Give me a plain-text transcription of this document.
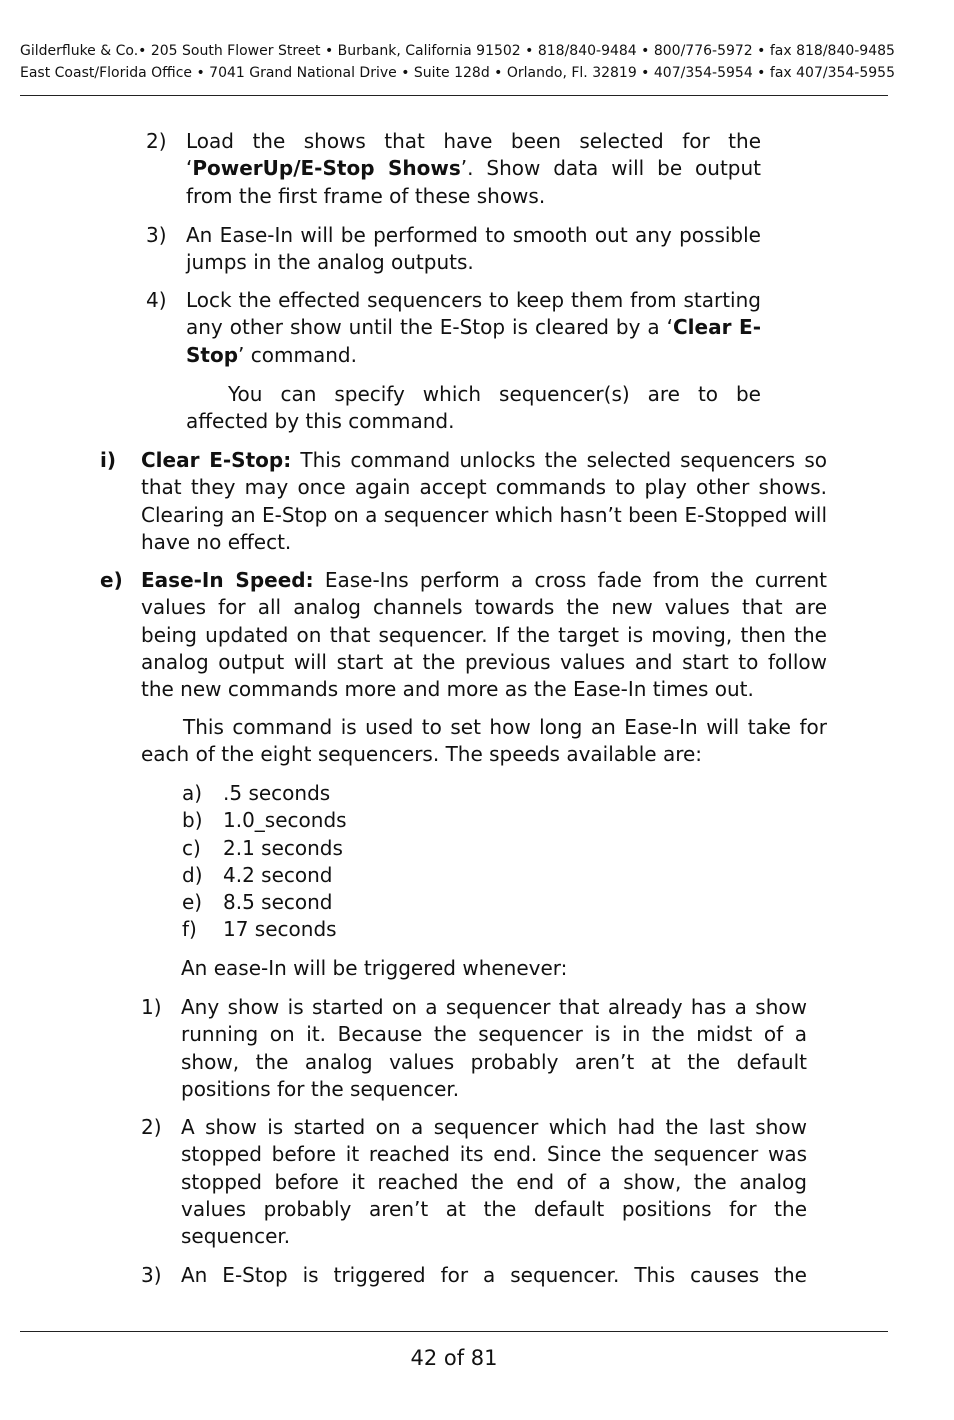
Gilderfluke & Co.• 205 South Flower Street • Burbank, California 91502 • 818/840-9484 • 800/776-5972 • fax 818/840-9485
East Coast/Florida Office • 7041 Grand National Drive • Suite 128d • Orlando, Fl. 32819 • 407/354-5954 • fax 407/354-5955
2) Load the shows that have been selected for the ‘PowerUp/E-Stop Shows’. Show data will be output from the first frame of these shows.
3) An Ease-In will be performed to smooth out any possible jumps in the analog outputs.
4) Lock the effected sequencers to keep them from starting any other show until the E-Stop is cleared by a ‘Clear E-Stop’ command.
You can specify which sequencer(s) are to be affected by this command.
i) Clear E-Stop: This command unlocks the selected sequencers so that they may once again accept commands to play other shows. Clearing an E-Stop on a sequencer which hasn’t been E-Stopped will have no effect.
e) Ease-In Speed: Ease-Ins perform a cross fade from the current values for all analog channels towards the new values that are being updated on that sequencer. If the target is moving, then the analog output will start at the previous values and start to follow the new commands more and more as the Ease-In times out.
This command is used to set how long an Ease-In will take for each of the eight sequencers. The speeds available are:
a) .5 seconds
b) 1.0_seconds
c) 2.1 seconds
d) 4.2 second
e) 8.5 second
f) 17 seconds
An ease-In will be triggered whenever:
1) Any show is started on a sequencer that already has a show running on it. Because the sequencer is in the midst of a show, the analog values probably aren’t at the default positions for the sequencer.
2) A show is started on a sequencer which had the last show stopped before it reached its end. Since the sequencer was stopped before it reached the end of a show, the analog values probably aren’t at the default positions for the sequencer.
3) An E-Stop is triggered for a sequencer. This causes the
42 of 81
